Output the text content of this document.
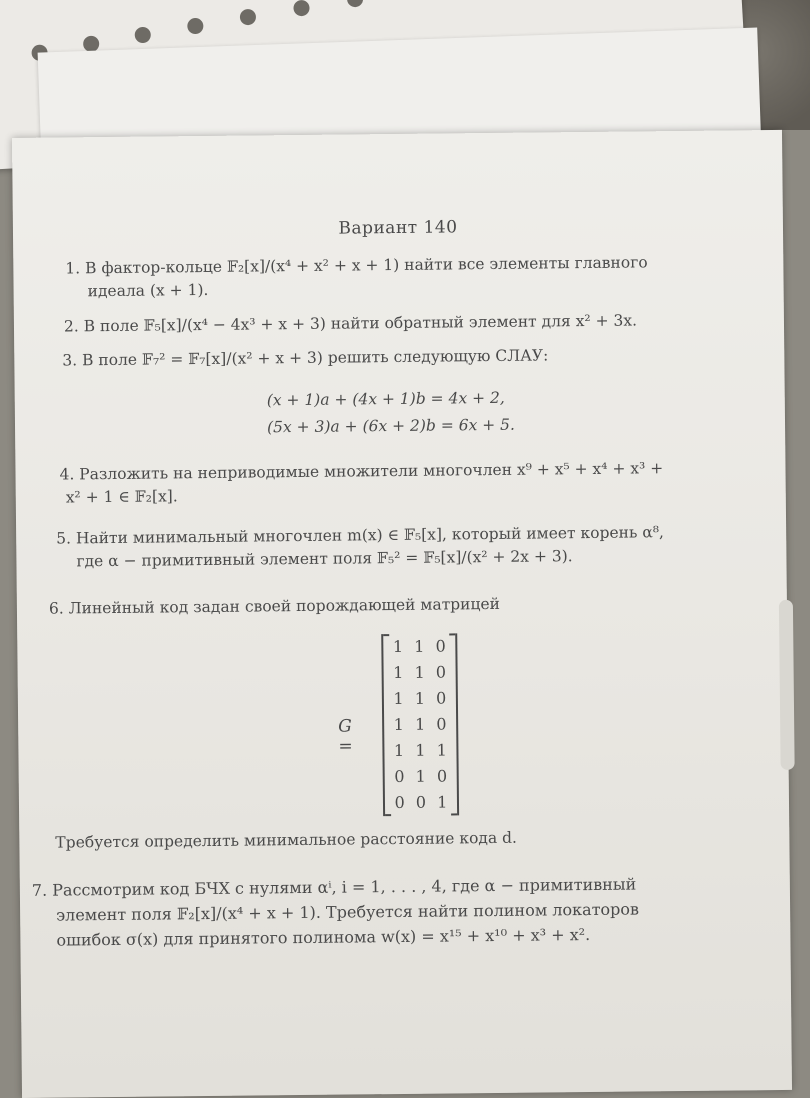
Вариант 140
1. В фактор-кольце 𝔽₂[x]/(x⁴ + x² + x + 1) найти все элементы главного
идеала (x + 1).
2. В поле 𝔽₅[x]/(x⁴ − 4x³ + x + 3) найти обратный элемент для x² + 3x.
3. В поле 𝔽₇² = 𝔽₇[x]/(x² + x + 3) решить следующую СЛАУ:
(x + 1)a + (4x + 1)b = 4x + 2,
(5x + 3)a + (6x + 2)b = 6x + 5.
4. Разложить на неприводимые множители многочлен x⁹ + x⁵ + x⁴ + x³ +
x² + 1 ∈ 𝔽₂[x].
5. Найти минимальный многочлен m(x) ∈ 𝔽₅[x], который имеет корень α⁸,
где α − примитивный элемент поля 𝔽₅² = 𝔽₅[x]/(x² + 2x + 3).
6. Линейный код задан своей порождающей матрицей
G =
1 1 0
1 1 0
1 1 0
1 1 0
1 1 1
0 1 0
0 0 1
Требуется определить минимальное расстояние кода d.
7. Рассмотрим код БЧХ с нулями αⁱ, i = 1, . . . , 4, где α − примитивный
элемент поля 𝔽₂[x]/(x⁴ + x + 1). Требуется найти полином локаторов
ошибок σ(x) для принятого полинома w(x) = x¹⁵ + x¹⁰ + x³ + x².
